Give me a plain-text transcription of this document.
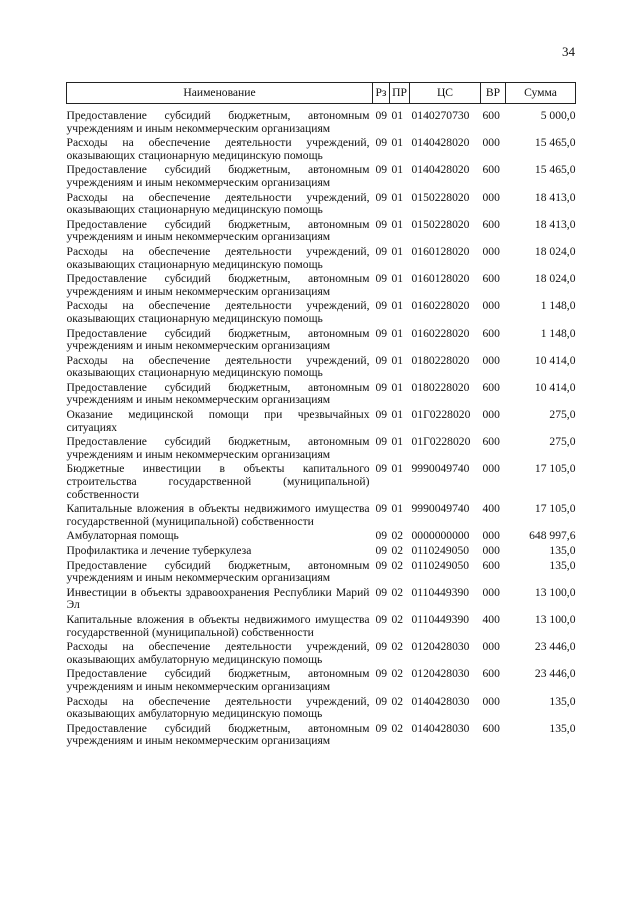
34
Наименование	Рз	ПР	ЦС	ВР	Сумма
Предоставление субсидий бюджетным, автономным учреждениям и иным некоммерческим организациям	09	01	0140270730	600	5 000,0
Расходы на обеспечение деятельности учреждений, оказывающих стационарную медицинскую помощь	09	01	0140428020	000	15 465,0
Предоставление субсидий бюджетным, автономным учреждениям и иным некоммерческим организациям	09	01	0140428020	600	15 465,0
Расходы на обеспечение деятельности учреждений, оказывающих стационарную медицинскую помощь	09	01	0150228020	000	18 413,0
Предоставление субсидий бюджетным, автономным учреждениям и иным некоммерческим организациям	09	01	0150228020	600	18 413,0
Расходы на обеспечение деятельности учреждений, оказывающих стационарную медицинскую помощь	09	01	0160128020	000	18 024,0
Предоставление субсидий бюджетным, автономным учреждениям и иным некоммерческим организациям	09	01	0160128020	600	18 024,0
Расходы на обеспечение деятельности учреждений, оказывающих стационарную медицинскую помощь	09	01	0160228020	000	1 148,0
Предоставление субсидий бюджетным, автономным учреждениям и иным некоммерческим организациям	09	01	0160228020	600	1 148,0
Расходы на обеспечение деятельности учреждений, оказывающих стационарную медицинскую помощь	09	01	0180228020	000	10 414,0
Предоставление субсидий бюджетным, автономным учреждениям и иным некоммерческим организациям	09	01	0180228020	600	10 414,0
Оказание медицинской помощи при чрезвычайных ситуациях	09	01	01Г0228020	000	275,0
Предоставление субсидий бюджетным, автономным учреждениям и иным некоммерческим организациям	09	01	01Г0228020	600	275,0
Бюджетные инвестиции в объекты капитального строительства государственной (муниципальной) собственности	09	01	9990049740	000	17 105,0
Капитальные вложения в объекты недвижимого имущества государственной (муниципальной) собственности	09	01	9990049740	400	17 105,0
Амбулаторная помощь	09	02	0000000000	000	648 997,6
Профилактика и лечение туберкулеза	09	02	0110249050	000	135,0
Предоставление субсидий бюджетным, автономным учреждениям и иным некоммерческим организациям	09	02	0110249050	600	135,0
Инвестиции в объекты здравоохранения Республики Марий Эл	09	02	0110449390	000	13 100,0
Капитальные вложения в объекты недвижимого имущества государственной (муниципальной) собственности	09	02	0110449390	400	13 100,0
Расходы на обеспечение деятельности учреждений, оказывающих амбулаторную медицинскую помощь	09	02	0120428030	000	23 446,0
Предоставление субсидий бюджетным, автономным учреждениям и иным некоммерческим организациям	09	02	0120428030	600	23 446,0
Расходы на обеспечение деятельности учреждений, оказывающих амбулаторную медицинскую помощь	09	02	0140428030	000	135,0
Предоставление субсидий бюджетным, автономным учреждениям и иным некоммерческим организациям	09	02	0140428030	600	135,0
